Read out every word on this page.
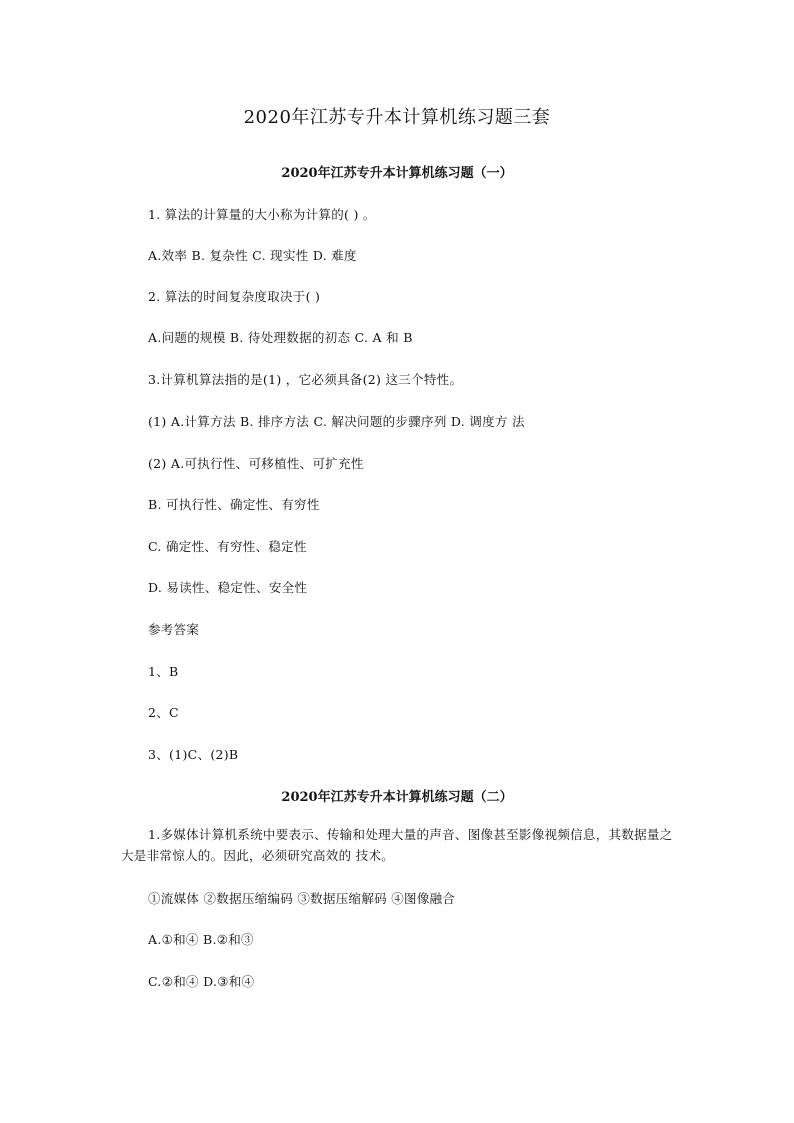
2020年江苏专升本计算机练习题三套
2020年江苏专升本计算机练习题（一）

1. 算法的计算量的大小称为计算的( ) 。

A.效率 B. 复杂性 C. 现实性 D. 难度

2. 算法的时间复杂度取决于( )

A.问题的规模 B. 待处理数据的初态 C. A 和 B

3.计算机算法指的是(1) ，它必须具备(2) 这三个特性。

(1) A.计算方法 B. 排序方法 C. 解决问题的步骤序列 D. 调度方 法

(2) A.可执行性、可移植性、可扩充性

B. 可执行性、确定性、有穷性

C. 确定性、有穷性、稳定性

D. 易读性、稳定性、安全性

参考答案

1、B

2、C

3、(1)C、(2)B

2020年江苏专升本计算机练习题（二）

1.多媒体计算机系统中要表示、传输和处理大量的声音、图像甚至影像视频信息，其数据量之大是非常惊人的。因此，必须研究高效的 技术。

①流媒体 ②数据压缩编码 ③数据压缩解码 ④图像融合

A.①和④ B.②和③

C.②和④ D.③和④
